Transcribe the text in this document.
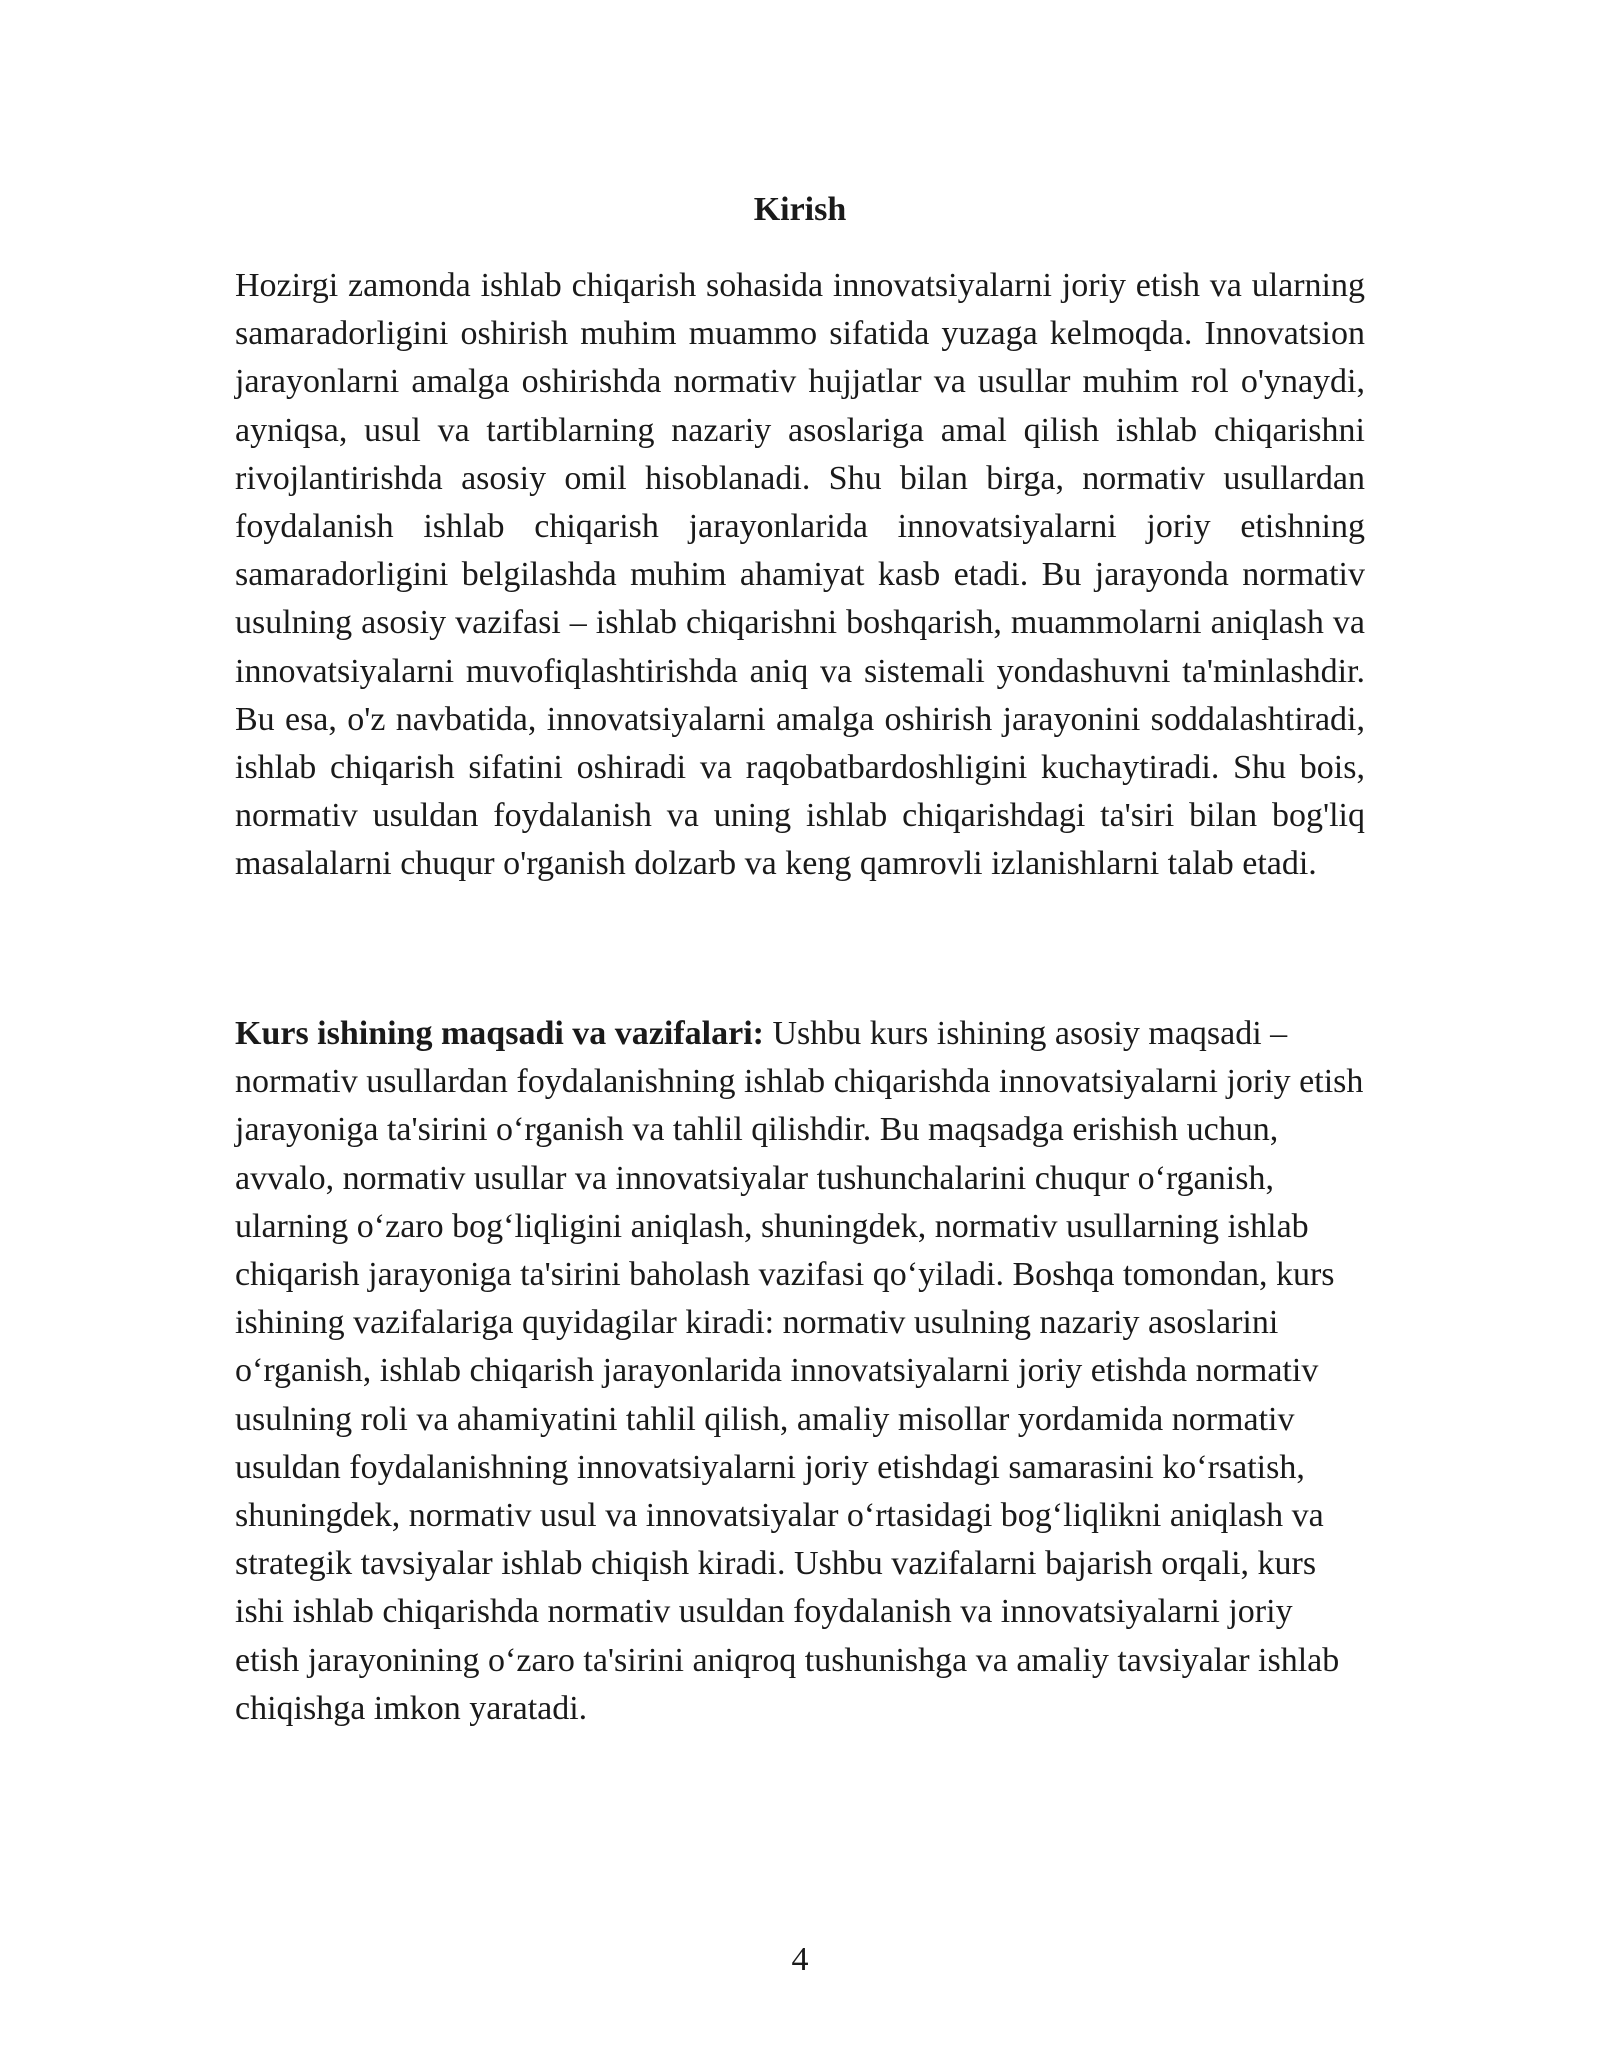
Kirish

Hozirgi zamonda ishlab chiqarish sohasida innovatsiyalarni joriy etish va ularning samaradorligini oshirish muhim muammo sifatida yuzaga kelmoqda. Innovatsion jarayonlarni amalga oshirishda normativ hujjatlar va usullar muhim rol o'ynaydi, ayniqsa, usul va tartiblarning nazariy asoslariga amal qilish ishlab chiqarishni rivojlantirishda asosiy omil hisoblanadi. Shu bilan birga, normativ usullardan foydalanish ishlab chiqarish jarayonlarida innovatsiyalarni joriy etishning samaradorligini belgilashda muhim ahamiyat kasb etadi. Bu jarayonda normativ usulning asosiy vazifasi – ishlab chiqarishni boshqarish, muammolarni aniqlash va innovatsiyalarni muvofiqlashtirishda aniq va sistemali yondashuvni ta'minlashdir. Bu esa, o'z navbatida, innovatsiyalarni amalga oshirish jarayonini soddalashtiradi, ishlab chiqarish sifatini oshiradi va raqobatbardoshligini kuchaytiradi. Shu bois, normativ usuldan foydalanish va uning ishlab chiqarishdagi ta'siri bilan bog'liq masalalarni chuqur o'rganish dolzarb va keng qamrovli izlanishlarni talab etadi.

Kurs ishining maqsadi va vazifalari: Ushbu kurs ishining asosiy maqsadi – normativ usullardan foydalanishning ishlab chiqarishda innovatsiyalarni joriy etish jarayoniga ta'sirini o‘rganish va tahlil qilishdir. Bu maqsadga erishish uchun, avvalo, normativ usullar va innovatsiyalar tushunchalarini chuqur o‘rganish, ularning o‘zaro bog‘liqligini aniqlash, shuningdek, normativ usullarning ishlab chiqarish jarayoniga ta'sirini baholash vazifasi qo‘yiladi. Boshqa tomondan, kurs ishining vazifalariga quyidagilar kiradi: normativ usulning nazariy asoslarini o‘rganish, ishlab chiqarish jarayonlarida innovatsiyalarni joriy etishda normativ usulning roli va ahamiyatini tahlil qilish, amaliy misollar yordamida normativ usuldan foydalanishning innovatsiyalarni joriy etishdagi samarasini ko‘rsatish, shuningdek, normativ usul va innovatsiyalar o‘rtasidagi bog‘liqlikni aniqlash va strategik tavsiyalar ishlab chiqish kiradi. Ushbu vazifalarni bajarish orqali, kurs ishi ishlab chiqarishda normativ usuldan foydalanish va innovatsiyalarni joriy etish jarayonining o‘zaro ta'sirini aniqroq tushunishga va amaliy tavsiyalar ishlab chiqishga imkon yaratadi.

4
